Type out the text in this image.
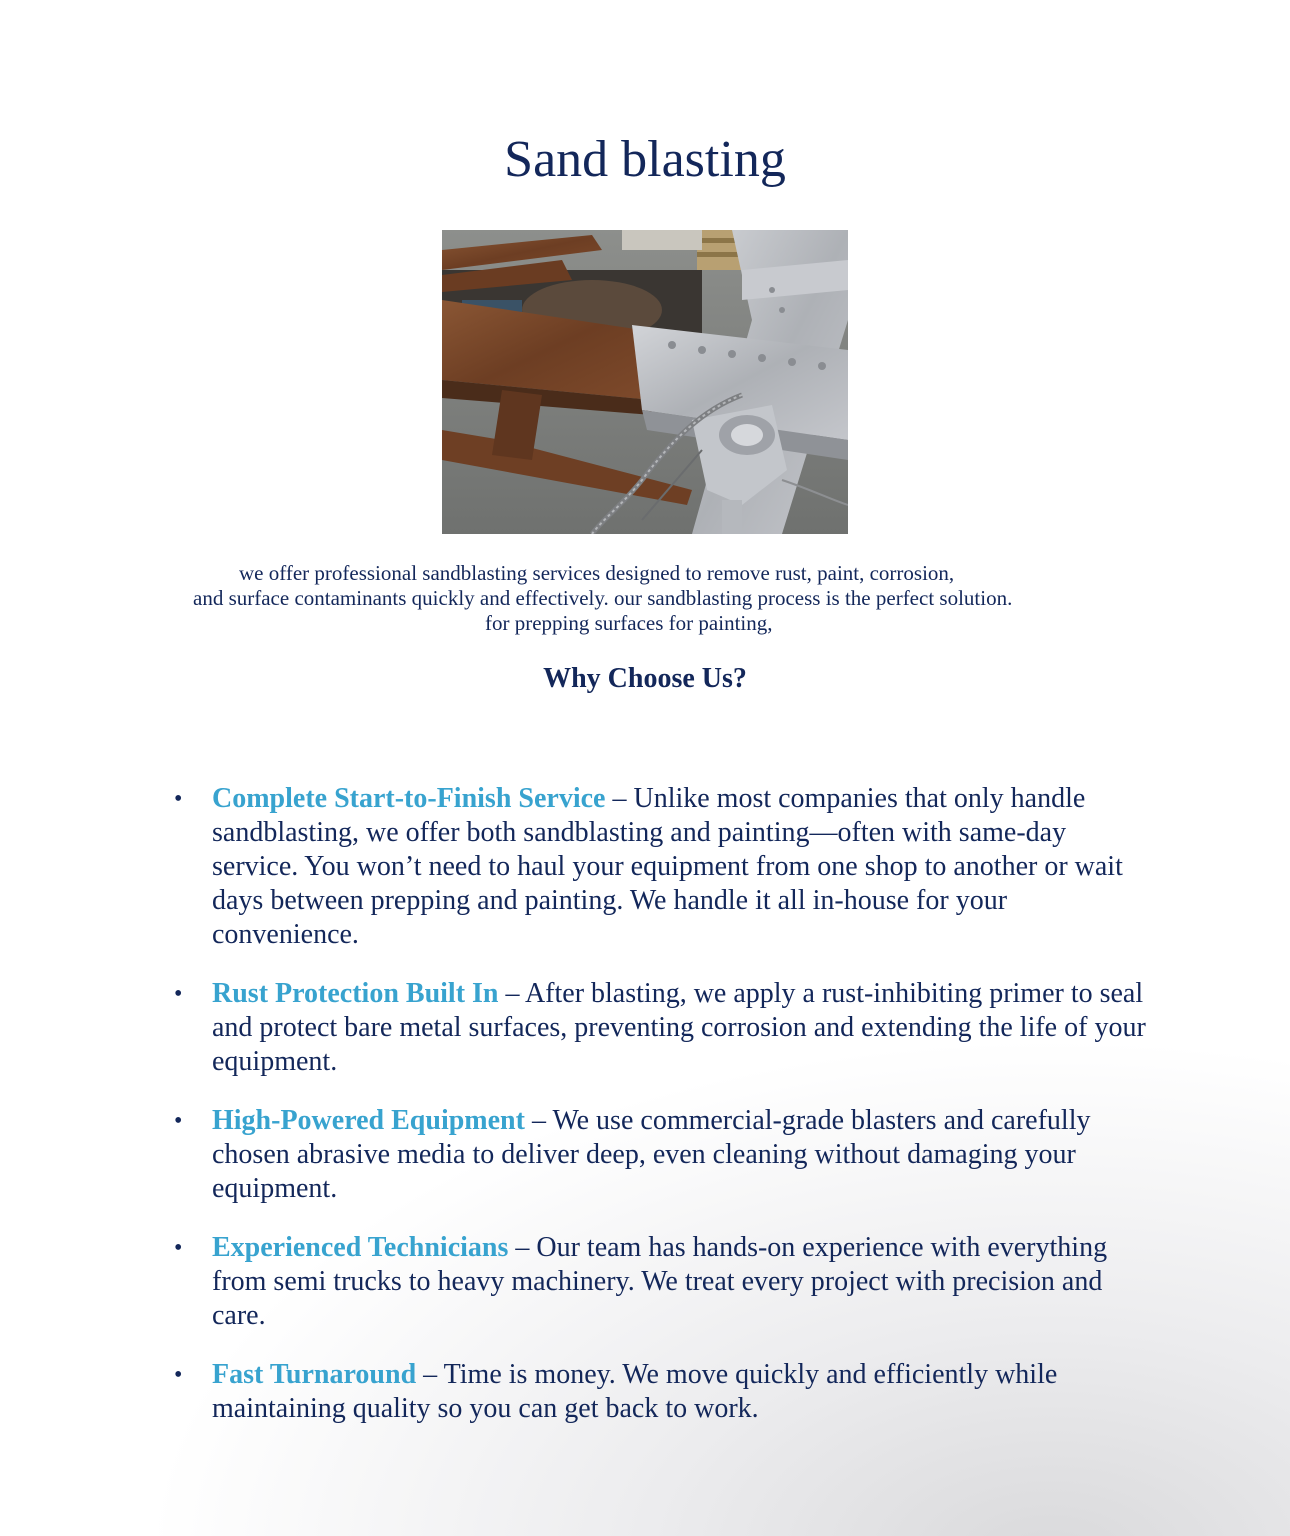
Sand blasting
we offer professional sandblasting services designed to remove rust, paint, corrosion,
and surface contaminants quickly and effectively. our sandblasting process is the perfect solution.
for prepping surfaces for painting,
Why Choose Us?
• Complete Start-to-Finish Service – Unlike most companies that only handle sandblasting, we offer both sandblasting and painting—often with same-day service. You won’t need to haul your equipment from one shop to another or wait days between prepping and painting. We handle it all in-house for your convenience.
• Rust Protection Built In – After blasting, we apply a rust-inhibiting primer to seal and protect bare metal surfaces, preventing corrosion and extending the life of your equipment.
• High-Powered Equipment – We use commercial-grade blasters and carefully chosen abrasive media to deliver deep, even cleaning without damaging your equipment.
• Experienced Technicians – Our team has hands-on experience with everything from semi trucks to heavy machinery. We treat every project with precision and care.
• Fast Turnaround – Time is money. We move quickly and efficiently while maintaining quality so you can get back to work.
